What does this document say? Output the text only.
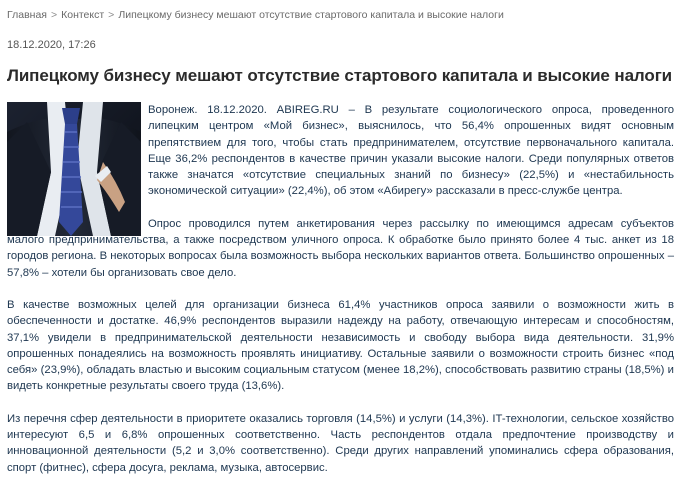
Главная > Контекст > Липецкому бизнесу мешают отсутствие стартового капитала и высокие налоги
18.12.2020, 17:26
Липецкому бизнесу мешают отсутствие стартового капитала и высокие налоги

Воронеж. 18.12.2020. ABIREG.RU – В результате социологического опроса, проведенного липецким центром «Мой бизнес», выяснилось, что 56,4% опрошенных видят основным препятствием для того, чтобы стать предпринимателем, отсутствие первоначального капитала. Еще 36,2% респондентов в качестве причин указали высокие налоги. Среди популярных ответов также значатся «отсутствие специальных знаний по бизнесу» (22,5%) и «нестабильность экономической ситуации» (22,4%), об этом «Абирегу» рассказали в пресс-службе центра.

Опрос проводился путем анкетирования через рассылку по имеющимся адресам субъектов малого предпринимательства, а также посредством уличного опроса. К обработке было принято более 4 тыс. анкет из 18 городов региона. В некоторых вопросах была возможность выбора нескольких вариантов ответа. Большинство опрошенных – 57,8% – хотели бы организовать свое дело.

В качестве возможных целей для организации бизнеса 61,4% участников опроса заявили о возможности жить в обеспеченности и достатке. 46,9% респондентов выразили надежду на работу, отвечающую интересам и способностям, 37,1% увидели в предпринимательской деятельности независимость и свободу выбора вида деятельности. 31,9% опрошенных понадеялись на возможность проявлять инициативу. Остальные заявили о возможности строить бизнес «под себя» (23,9%), обладать властью и высоким социальным статусом (менее 18,2%), способствовать развитию страны (18,5%) и видеть конкретные результаты своего труда (13,6%).

Из перечня сфер деятельности в приоритете оказались торговля (14,5%) и услуги (14,3%). IT-технологии, сельское хозяйство интересуют 6,5 и 6,8% опрошенных соответственно. Часть респондентов отдала предпочтение производству и инновационной деятельности (5,2 и 3,0% соответственно). Среди других направлений упоминались сфера образования, спорт (фитнес), сфера досуга, реклама, музыка, автосервис.
